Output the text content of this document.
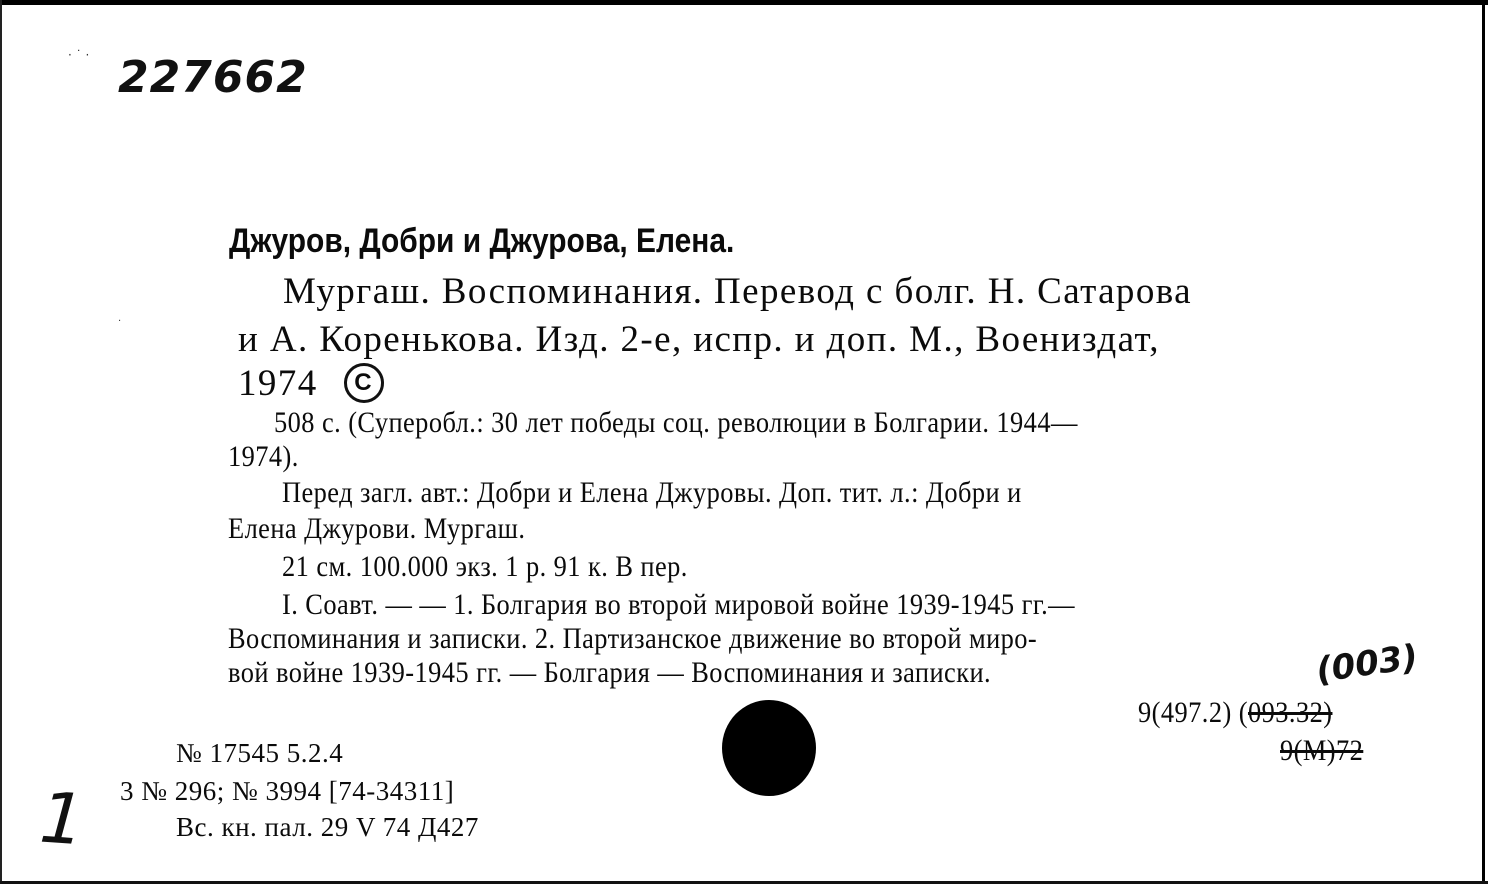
· ˙ ·
·
227662
Джуров, Добри и Джурова, Елена.
Мургаш. Воспоминания. Перевод с болг. Н. Сатарова
и А. Коренькова. Изд. 2-е, испр. и доп. М., Воениздат,
1974 C
508 с. (Суперобл.: 30 лет победы соц. революции в Болгарии. 1944—
1974).
Перед загл. авт.: Добри и Елена Джуровы. Доп. тит. л.: Добри и
Елена Джурови. Мургаш.
21 см. 100.000 экз. 1 р. 91 к. В пер.
I. Соавт. — — 1. Болгария во второй мировой войне 1939-1945 гг.—
Воспоминания и записки. 2. Партизанское движение во второй миро-
вой войне 1939-1945 гг. — Болгария — Воспоминания и записки.	(003)
9(497.2) (093.32)
9(М)72
№ 17545 5.2.4
3 № 296; № 3994 [74-34311]
Вс. кн. пал. 29 V 74 Д427
1
